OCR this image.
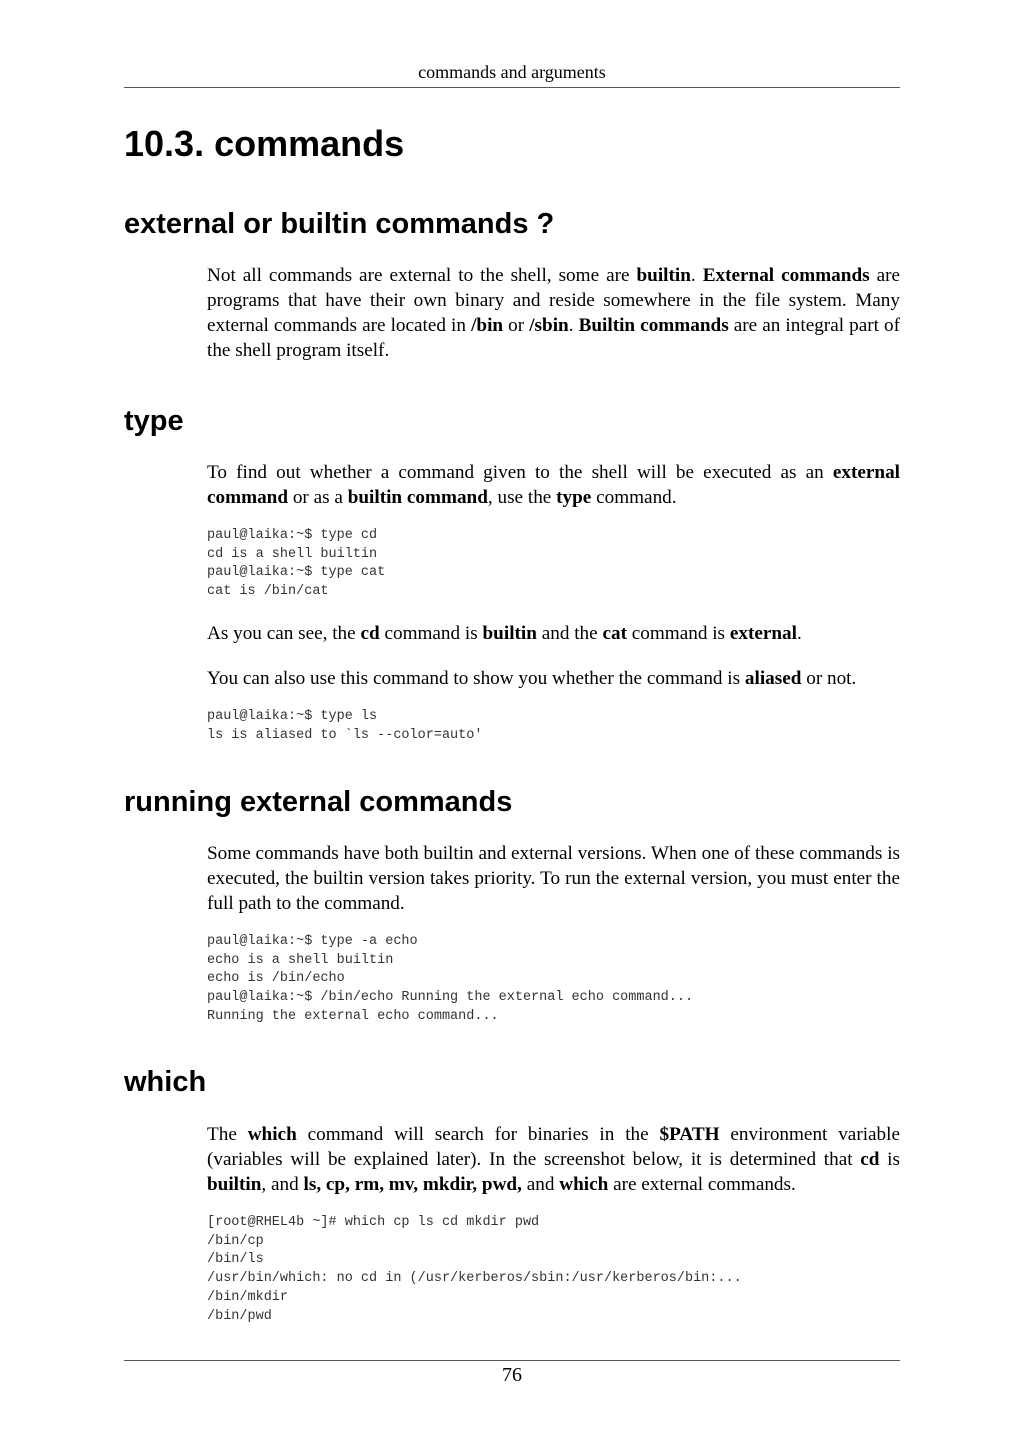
commands and arguments
10.3. commands
external or builtin commands ?

Not all commands are external to the shell, some are builtin. External commands are programs that have their own binary and reside somewhere in the file system. Many external commands are located in /bin or /sbin. Builtin commands are an integral part of the shell program itself.

type

To find out whether a command given to the shell will be executed as an external command or as a builtin command, use the type command.

paul@laika:~$ type cd
cd is a shell builtin
paul@laika:~$ type cat
cat is /bin/cat

As you can see, the cd command is builtin and the cat command is external.

You can also use this command to show you whether the command is aliased or not.

paul@laika:~$ type ls
ls is aliased to `ls --color=auto'
running external commands

Some commands have both builtin and external versions. When one of these commands is executed, the builtin version takes priority. To run the external version, you must enter the full path to the command.

paul@laika:~$ type -a echo
echo is a shell builtin
echo is /bin/echo
paul@laika:~$ /bin/echo Running the external echo command...
Running the external echo command...
which

The which command will search for binaries in the $PATH environment variable (variables will be explained later). In the screenshot below, it is determined that cd is builtin, and ls, cp, rm, mv, mkdir, pwd, and which are external commands.

[root@RHEL4b ~]# which cp ls cd mkdir pwd
/bin/cp
/bin/ls
/usr/bin/which: no cd in (/usr/kerberos/sbin:/usr/kerberos/bin:...
/bin/mkdir
/bin/pwd
76
